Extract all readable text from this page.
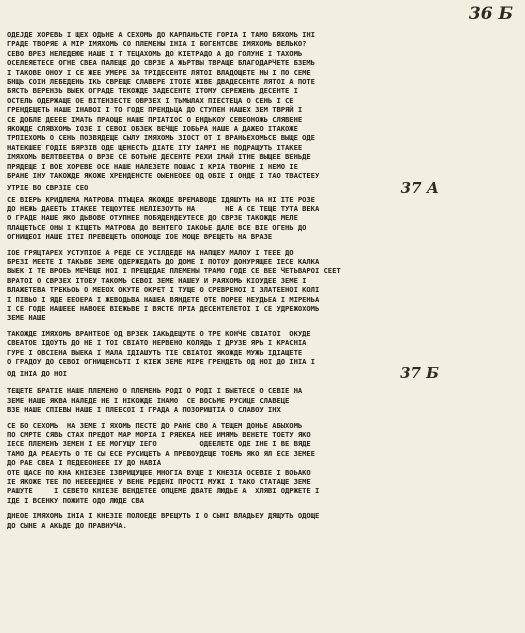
36 Б
ОДЕЈДЕ ХОРЕВЬ І ЩЕХ ОДЬНЕ А СЕХОМЬ ДО КАРПАНЬСТЕ ГОРІА І ТАМО БЯХОМЬ ІНІ
ГРАДЕ ТВОРЯЕ А МІР ІМЯХОМЬ СО ПЛЕМЕНЫ ІНІА І БОГЕНТСВЕ ІМЯХОМЬ ВЕЛЬКО?
СЕВО ВРЕЗ НЕЛЕДЕЮЕ НАШЕ І Т ТЕЦАХОМЬ ДО КІЕТРАДО А ДО ГОЛУНЕ І ТАХОМЬ
ОСЕЛЕЯЕТЕСЕ ОГНЕ СВЕА ПАЛЕЩЕ ДО СВРЗЕ А ЖЬРТВЫ ТВРАЩЕ БЛАГОДАРЧЕТЕ БЗЕМЬ
І ТАКОВЕ ОНОУ І СЕ ЖЕЕ УМЕРЕ ЗА ТРІДЕСЕНТЕ ЛЯТОІ ВЛАДОЩЕТЕ НЫ І ПО СЕМЕ
БНЩЬ СОІН ЛЕБЕДЕНЬ ІКЬ СВРЕЩЕ СЛАВЕРЕ ІТОІЕ ЖІВЕ ДВАДЕСЕНТЕ ЛЯТОІ А ПОТЕ
БЯСТЬ ВЕРЕНЗЬ ВЫЕК ОГРАДЕ ТЕКОЖДЕ ЗАДЕСЕНТЕ ІТОМУ СЕРЕЖЕНЬ ДЕСЕНТЕ І
ОСТЕЛЬ ОДЕРЖАЩЕ ОЕ ВІТЕНЗЕСТЕ ОВРЗЕХ І ТЬМЫЛАХ ПІЕСТЕЦА О СЕНЬ І СЕ
ГРЕНДЕЩЕТЬ НАШЕ ІНАВОІ І ТО ГОДЕ ПРЕНДЬЦА ДО СТУПЕН НАШЕХ ЗЕМ ТВРЯЙ І
СЕ ДОБЛЕ ДЕЕЕЕ ІМАТЬ ПРАОЩЕ НАШЕ ПРІАТІОС О ЕНДЬКОУ СЕВЕОНОЖЬ СЛЯВЕНЕ
ЯКОЖДЕ СЛЯВХОМЬ ІОЗЕ І СЕВОІ ОБЗЕК ВЕЧЩЕ ІОБЬРА НАШЕ А ДАЖЕО ІТАКОЖЕ
ТРПІЕХОМЬ О СЕНЬ ПОЗВЯДЕЩЕ СЫЛУ ІМЯХОМЬ ЗІОСТ ОТ І ВРАНЬЕХОМЬСЕ ВЫЩЕ ОДЕ
НАТЕКШЕЕ ГОДІЕ БЯРЗІВ ОДЕ ЩЕНЕСТЬ ДІАТЕ ІТУ ІАМРІ НЕ ПОДРАЩУТЬ ІТАКЕЕ
ІМЯХОМЬ ВЕЛТВЕЕТВА О ВРЗЕ СЕ БОТЬНЕ ДЕСЕНТЕ РЕХИ ІМАЙ ІТНЕ ВЫЩЕЕ ВЕНЬДЕ
ПРЯДЕЩЕ І ВОЕ ХОРЕВЕ ОСЕ НАШЕ НАЛЕЗЕТЕ ПОШАС І КРІА ТВОРНЕ І НЕМО ІЕ
БРАНЕ ІНУ ТАКОЖДЕ ЯКОЖЕ ХРЕНДЕНСТЕ ОЫЕНЕОЕЕ ОД ОБІЕ І ОНДЕ І ТАО ТВАСТЕЕУ
УТРІЕ ВО СВРЗІЕ СЕО	37 А
СЕ ВІЕРЬ КРИДЛЕМА МАТРОВА ПТЫЦЕА ЯКОЖДЕ ВРЕМАВОДЕ ІДЯШУТЬ НА НІ ІТЕ РОЗЕ
ДО НЕЖЬ ДАЕЕТЬ ІТАКЕЕ ТЕЩОУТЕЕ НЕЛІЕЗОУТЬ НА       НЕ А СЕ ТЕЩЕ ТУТА ВЕКА
О ГРАДЕ НАШЕ ЯКО ДЬВОВЕ ОТУПНЕЕ ПОБЯДЕНДЕУТЕСЕ ДО СВРЗЕ ТАКОЖДЕ МЕЛЕ
ПЛАЩЕТЬСЕ ОНЫ І КІЩЕТЬ МАТРОВА ДО ВЕНТЕГО ІАКОЬЕ ДАЛЕ ВСЕ ВІЕ ОГЕНЬ ДО
ОГНИЩЕОІ НАШЕ ІТЕІ ПРЕВЕЩЕТЬ ОПОМОЩЕ ІОЕ МОЩЕ ВРЕЩЕТЬ НА ВРАЗЕ
ІОЕ ГРЯЦТАРЕХ УСТУПІОЕ А РЕДЕ СЕ УСІЛДЕДЕ НА НАПЩЕУ МАЛОУ І ТЕЕЕ ДО
БРЕЗІ МЕЕТЕ І ТАКЬВЕ ЗЕМЕ ОДЕРЖЕДАТЬ ДО ДОМЕ І ПОТОУ ДОНУРЯЩЕЕ ІЕСЕ КАЛКА
ВЫЕК І ТЕ ВРОЕЬ МЕЧЕЩЕ НОІ І ПРЕЩЕДАЕ ПЛЕМЕНЫ ТРАМО ГОДЕ СЕ ВЕЕ ЧЕТЬВАРОІ СЕЕТ
ВРАТОІ О СВРЗЕХ ІТОЕУ ТАКОМЬ СЕВОІ ЗЕМЕ НАШЕУ И РАЯХОМЬ КІОУДЕЕ ЗЕМЕ І
ВЛАЖЕТЕВА ТРЕКЬОЬ О МЕЕОХ ОКУТЕ ОКРЕТ І ТУЩЕ О СРЕВРЕНОІ І ЗЛАТЕЕНОІ КОЛІ
І ПІВЬО І ЯДЕ ЕЕОЕРА І ЖЕВОДЬВА НАШЕА ВЯНДЕТЕ ОТЕ ПОРЕЕ НЕУДЬЕА І МІРЕНЬА
І СЕ ГОДЕ НАШЕЕЕ НАВОЕЕ ВІЕЖЬВЕ І ВЯСТЕ ПРІА ДЕСЕНТЕЛЕТОІ І СЕ УДРЕЖОХОМЬ
ЗЕМЕ НАШЕ
ТАКОЖДЕ ІМЯХОМЬ ВРАНТЕОЕ ОД ВРЗЕК ІАКЬДЕЩУТЕ О ТРЕ КОНЧЕ СВІАТОІ  ОКУДЕ
СВЕАТОЕ ІДОУТЬ ДО НЕ І ТОІ СВІАТО НЕРВЕНО КОЛЯДЬ І ДРУЗЕ ЯРЬ І КРАСНІА
ГУРЕ І ОВСІЕНА ВЫЕКА І МАЛА ІДІАШУТЬ ТІЕ СВІАТОІ ЯКОЖДЕ МУЖЬ ІДІАЩЕТЕ
О ГРАДОУ ДО СЕВОІ ОГНИЩЕНСЬТІ І КІЕЖ ЗЕМЕ МІРЕ ГРЕНДЕТЬ ОД НОІ ДО ІНІА І
ОД ІНІА ДО НОІ	37 Б
ТЕЩЕТЕ БРАТІЕ НАШЕ ПЛЕМЕНО О ПЛЕМЕНЬ РОДІ О РОДІ І БЫЕТЕСЕ О СЕВІЕ НА
ЗЕМЕ НАШЕ ЯКВА НАЛЕДЕ НЕ І НІКОЖДЕ ІНАМО  СЕ ВОСЬМЕ РУСИЦЕ СЛАВЕЦЕ
ВЗЕ НАШЕ СПІЕВЫ НАШЕ І ПЛЕЕСОІ І ГРАДА А ПОЗОРИШТІА О СЛАВОУ ІНХ
СЕ БО СЕХОМЬ  НА ЗЕМЕ І ЯХОМЬ ПЕСТЕ ДО РАНЕ СВО А ТЕЩЕМ ДОНЬЕ АБЫХОМЬ
ПО СМРТЕ СЯВЬ СТАХ ПРЕДОТ МАР МОРІА І РЯЕКЕА НЕЕ ИМЯМЬ ВЕНЕТЕ ТОЕТУ ЯКО
ІЕСЕ ПЛЕМЕНЪ ЗЕМЕН І ЕЕ МОГУЩУ ІЕГО          ОДЕЕЛЕТЕ ОДЕ ІНЕ І ВЕ ВЯДЕ
ТАМО ДА РЕАЕУТЬ О ТЕ СЫ ЕСЕ РУСИЦЕТЬ А ПРЕВОУДЕЩЕ ТОЕМЬ ЯКО ЯЛ ЕСЕ ЗЕМЕЕ
ДО РАЕ СВЕА І ПЕДЕЕОНЕЕЕ ІУ ДО НАВІА
ОТЕ ЩАСЕ ПО КНА КНІЕЗЕЕ ІЗВРИЩУЩЕЕ МНОГІА ВУЩЕ І КНЕЗІА ОСЕВІЕ І ВОЬАКО
ІЕ ЯКОЖЕ ТЕЕ ПО НЕЕЕЕДНЕЕ У ВЕНЕ РЕДЕНІ ПРОСТІ МУЖІ І ТАКО СТАТАЩЕ ЗЕМЕ
РАШУТЕ     І СЕВЕТО КНІЕЗЕ ВЕНДЕТЕЕ ОПЦЕМЕ ДВАТЕ ЛЮДЬЕ А  ХЛЯВІ ОДРЖЕТЕ І
ІДЕ І ВСЕНКУ ПОЖИТЕ ОДО ЛЮДЕ СВА
ДНЕОЕ ІМЯХОМЬ ІНІА І КНЕЗІЕ ПОЛОЕДЕ ВРЕЩУТЬ І О СЫНІ ВЛАДЬЕУ ДЯЩУТЬ ОДОЩЕ
ДО СЫНЕ А АКЬДЕ ДО ПРАВНУЧА.
